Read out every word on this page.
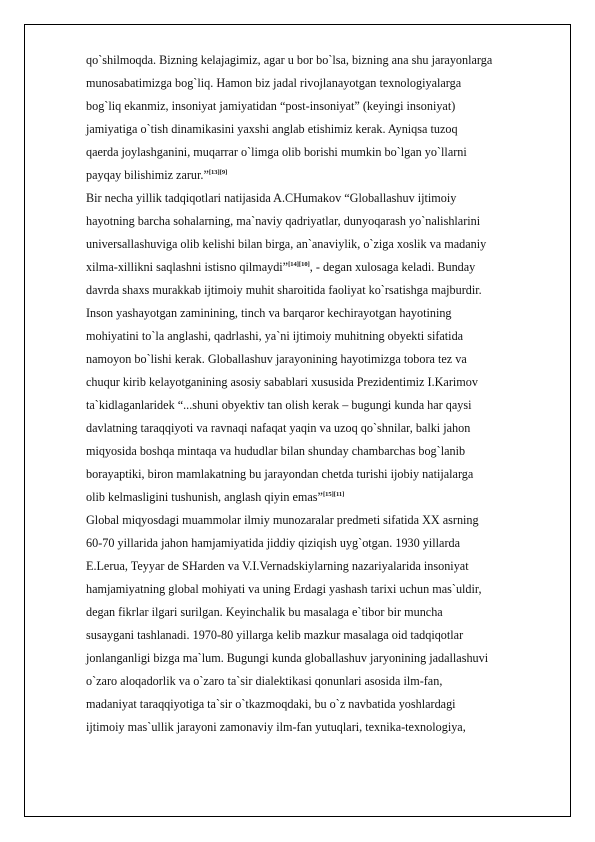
qo`shilmoqda. Bizning kelajagimiz, agar u bor bo`lsa, bizning ana shu jarayonlarga
munosabatimizga bog`liq. Hamon biz jadal rivojlanayotgan texnologiyalarga
bog`liq ekanmiz, insoniyat jamiyatidan “post-insoniyat” (keyingi insoniyat)
jamiyatiga o`tish dinamikasini yaxshi anglab etishimiz kerak. Ayniqsa tuzoq
qaerda joylashganini, muqarrar o`limga olib borishi mumkin bo`lgan yo`llarni
payqay bilishimiz zarur.”[13][9]
Bir necha yillik tadqiqotlari natijasida A.CHumakov “Globallashuv ijtimoiy
hayotning barcha sohalarning, ma`naviy qadriyatlar, dunyoqarash yo`nalishlarini
universallashuviga olib kelishi bilan birga, an`anaviylik, o`ziga xoslik va madaniy
xilma-xillikni saqlashni istisno qilmaydi”[14][10], - degan xulosaga keladi. Bunday
davrda shaxs murakkab ijtimoiy muhit sharoitida faoliyat ko`rsatishga majburdir.
Inson yashayotgan zaminining, tinch va barqaror kechirayotgan hayotining
mohiyatini to`la anglashi, qadrlashi, ya`ni ijtimoiy muhitning obyekti sifatida
namoyon bo`lishi kerak. Globallashuv jarayonining hayotimizga tobora tez va
chuqur kirib kelayotganining asosiy sabablari xususida Prezidentimiz I.Karimov
ta`kidlaganlaridek “...shuni obyektiv tan olish kerak – bugungi kunda har qaysi
davlatning taraqqiyoti va ravnaqi nafaqat yaqin va uzoq qo`shnilar, balki jahon
miqyosida boshqa mintaqa va hududlar bilan shunday chambarchas bog`lanib
borayaptiki, biron mamlakatning bu jarayondan chetda turishi ijobiy natijalarga
olib kelmasligini tushunish, anglash qiyin emas”[15][11]
Global miqyosdagi muammolar ilmiy munozaralar predmeti sifatida XX asrning
60-70 yillarida jahon hamjamiyatida jiddiy qiziqish uyg`otgan. 1930 yillarda
E.Lerua, Teyyar de SHarden va V.I.Vernadskiylarning nazariyalarida insoniyat
hamjamiyatning global mohiyati va uning Erdagi yashash tarixi uchun mas`uldir,
degan fikrlar ilgari surilgan. Keyinchalik bu masalaga e`tibor bir muncha
susaygani tashlanadi. 1970-80 yillarga kelib mazkur masalaga oid tadqiqotlar
jonlanganligi bizga ma`lum. Bugungi kunda globallashuv jaryonining jadallashuvi
o`zaro aloqadorlik va o`zaro ta`sir dialektikasi qonunlari asosida ilm-fan,
madaniyat taraqqiyotiga ta`sir o`tkazmoqdaki, bu o`z navbatida yoshlardagi
ijtimoiy mas`ullik jarayoni zamonaviy ilm-fan yutuqlari, texnika-texnologiya,
